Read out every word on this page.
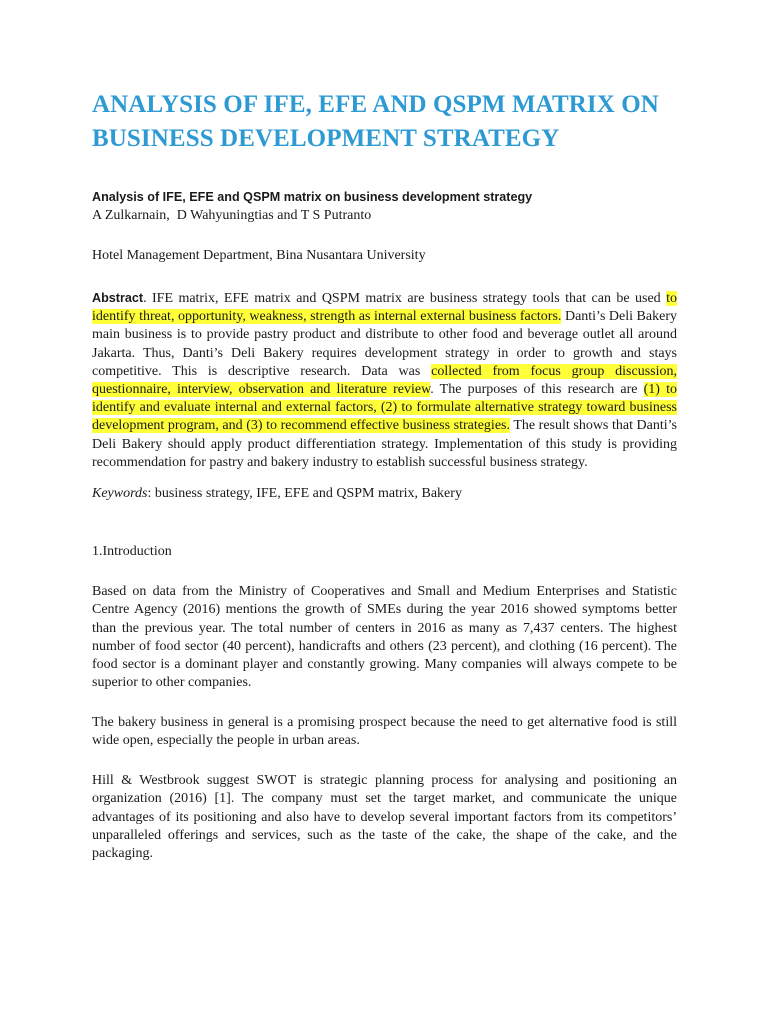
ANALYSIS OF IFE, EFE AND QSPM MATRIX ON BUSINESS DEVELOPMENT STRATEGY

Analysis of IFE, EFE and QSPM matrix on business development strategy

A Zulkarnain,  D Wahyuningtias and T S Putranto

Hotel Management Department, Bina Nusantara University

Abstract. IFE matrix, EFE matrix and QSPM matrix are business strategy tools that can be used to identify threat, opportunity, weakness, strength as internal external business factors. Danti’s Deli Bakery main business is to provide pastry product and distribute to other food and beverage outlet all around Jakarta. Thus, Danti’s Deli Bakery requires development strategy in order to growth and stays competitive. This is descriptive research. Data was collected from focus group discussion, questionnaire, interview, observation and literature review. The purposes of this research are (1) to identify and evaluate internal and external factors, (2) to formulate alternative strategy toward business development program, and (3) to recommend effective business strategies. The result shows that Danti’s Deli Bakery should apply product differentiation strategy. Implementation of this study is providing recommendation for pastry and bakery industry to establish successful business strategy.

Keywords: business strategy, IFE, EFE and QSPM matrix, Bakery

1.Introduction

Based on data from the Ministry of Cooperatives and Small and Medium Enterprises and Statistic Centre Agency (2016) mentions the growth of SMEs during the year 2016 showed symptoms better than the previous year. The total number of centers in 2016 as many as 7,437 centers. The highest number of food sector (40 percent), handicrafts and others (23 percent), and clothing (16 percent). The food sector is a dominant player and constantly growing. Many companies will always compete to be superior to other companies.

The bakery business in general is a promising prospect because the need to get alternative food is still wide open, especially the people in urban areas.

Hill & Westbrook suggest SWOT is strategic planning process for analysing and positioning an organization (2016) [1]. The company must set the target market, and communicate the unique advantages of its positioning and also have to develop several important factors from its competitors’ unparalleled offerings and services, such as the taste of the cake, the shape of the cake, and the packaging.
